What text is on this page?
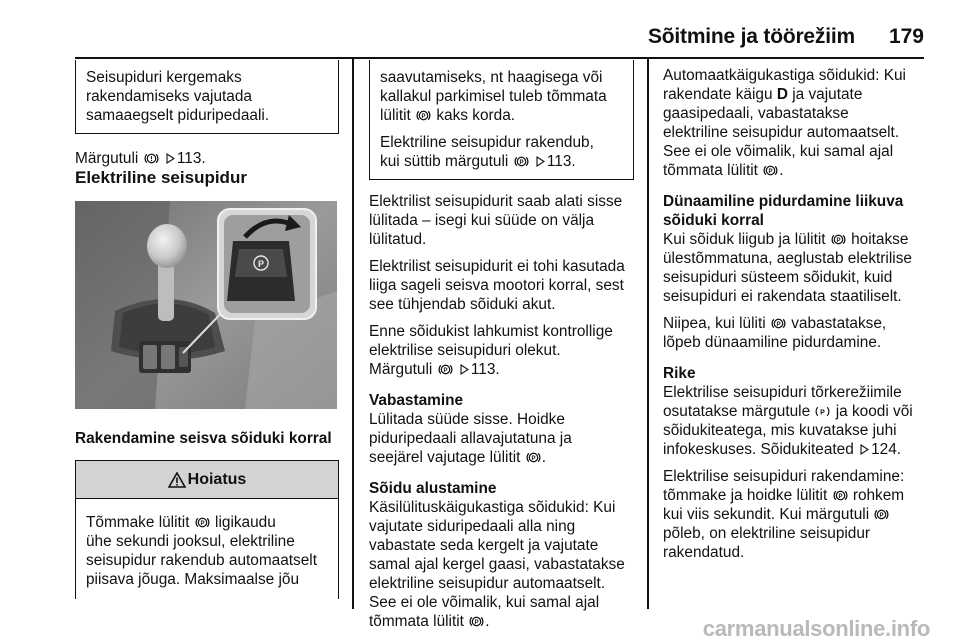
Sõitmine ja töörežiim 179

Seisupiduri kergemaks

rakendamiseks vajutada

samaaegselt piduripedaali.

Märgutuli	113.

Elektriline seisupidur

P

Rakendamine seisva sõiduki korral

Hoiatus

Tõmmake lülitit P ligikaudu

ühe sekundi jooksul, elektriline

seisupidur rakendub automaatselt

piisava jõuga. Maksimaalse jõu

saavutamiseks, nt haagisega või

kallakul parkimisel tuleb tõmmata

lülitit P kaks korda.

Elektriline seisupidur rakendub,

kui süttib märgutuli P 113.

Elektrilist seisupidurit saab alati sisse

lülitada – isegi kui süüde on välja

lülitatud.

Elektrilist seisupidurit ei tohi kasutada

liiga sageli seisva mootori korral, sest

see tühjendab sõiduki akut.

Enne sõidukist lahkumist kontrollige

elektrilise seisupiduri olekut.

Märgutuli P 113.

Vabastamine

Lülitada süüde sisse. Hoidke

piduripedaali allavajutatuna ja

seejärel vajutage lülitit P .

Sõidu alustamine

Käsilülituskäigukastiga sõidukid: Kui

vajutate siduripedaali alla ning

vabastate seda kergelt ja vajutate

samal ajal kergel gaasi, vabastatakse

elektriline seisupidur automaatselt.

See ei ole võimalik, kui samal ajal

tõmmata lülitit P .

Automaatkäigukastiga sõidukid: Kui

rakendate käigu D ja vajutate

gaasipedaali, vabastatakse

elektriline seisupidur automaatselt.

See ei ole võimalik, kui samal ajal

tõmmata lülitit P .

Dünaamiline pidurdamine liikuva

sõiduki korral

Kui sõiduk liigub ja lülitit P hoitakse

ülestõmmatuna, aeglustab elektrilise

seisupiduri süsteem sõidukit, kuid

seisupiduri ei rakendata staatiliselt.

Niipea, kui lüliti P vabastatakse,

lõpeb dünaamiline pidurdamine.

Rike

Elektrilise seisupiduri tõrkerežiimile

osutatakse märgutule P ja koodi või

sõidukiteatega, mis kuvatakse juhi

infokeskuses. Sõidukiteated 124.

Elektrilise seisupiduri rakendamine:

tõmmake ja hoidke lülitit P rohkem

kui viis sekundit. Kui märgutuli P

põleb, on elektriline seisupidur

rakendatud.

carmanualsonline.info
